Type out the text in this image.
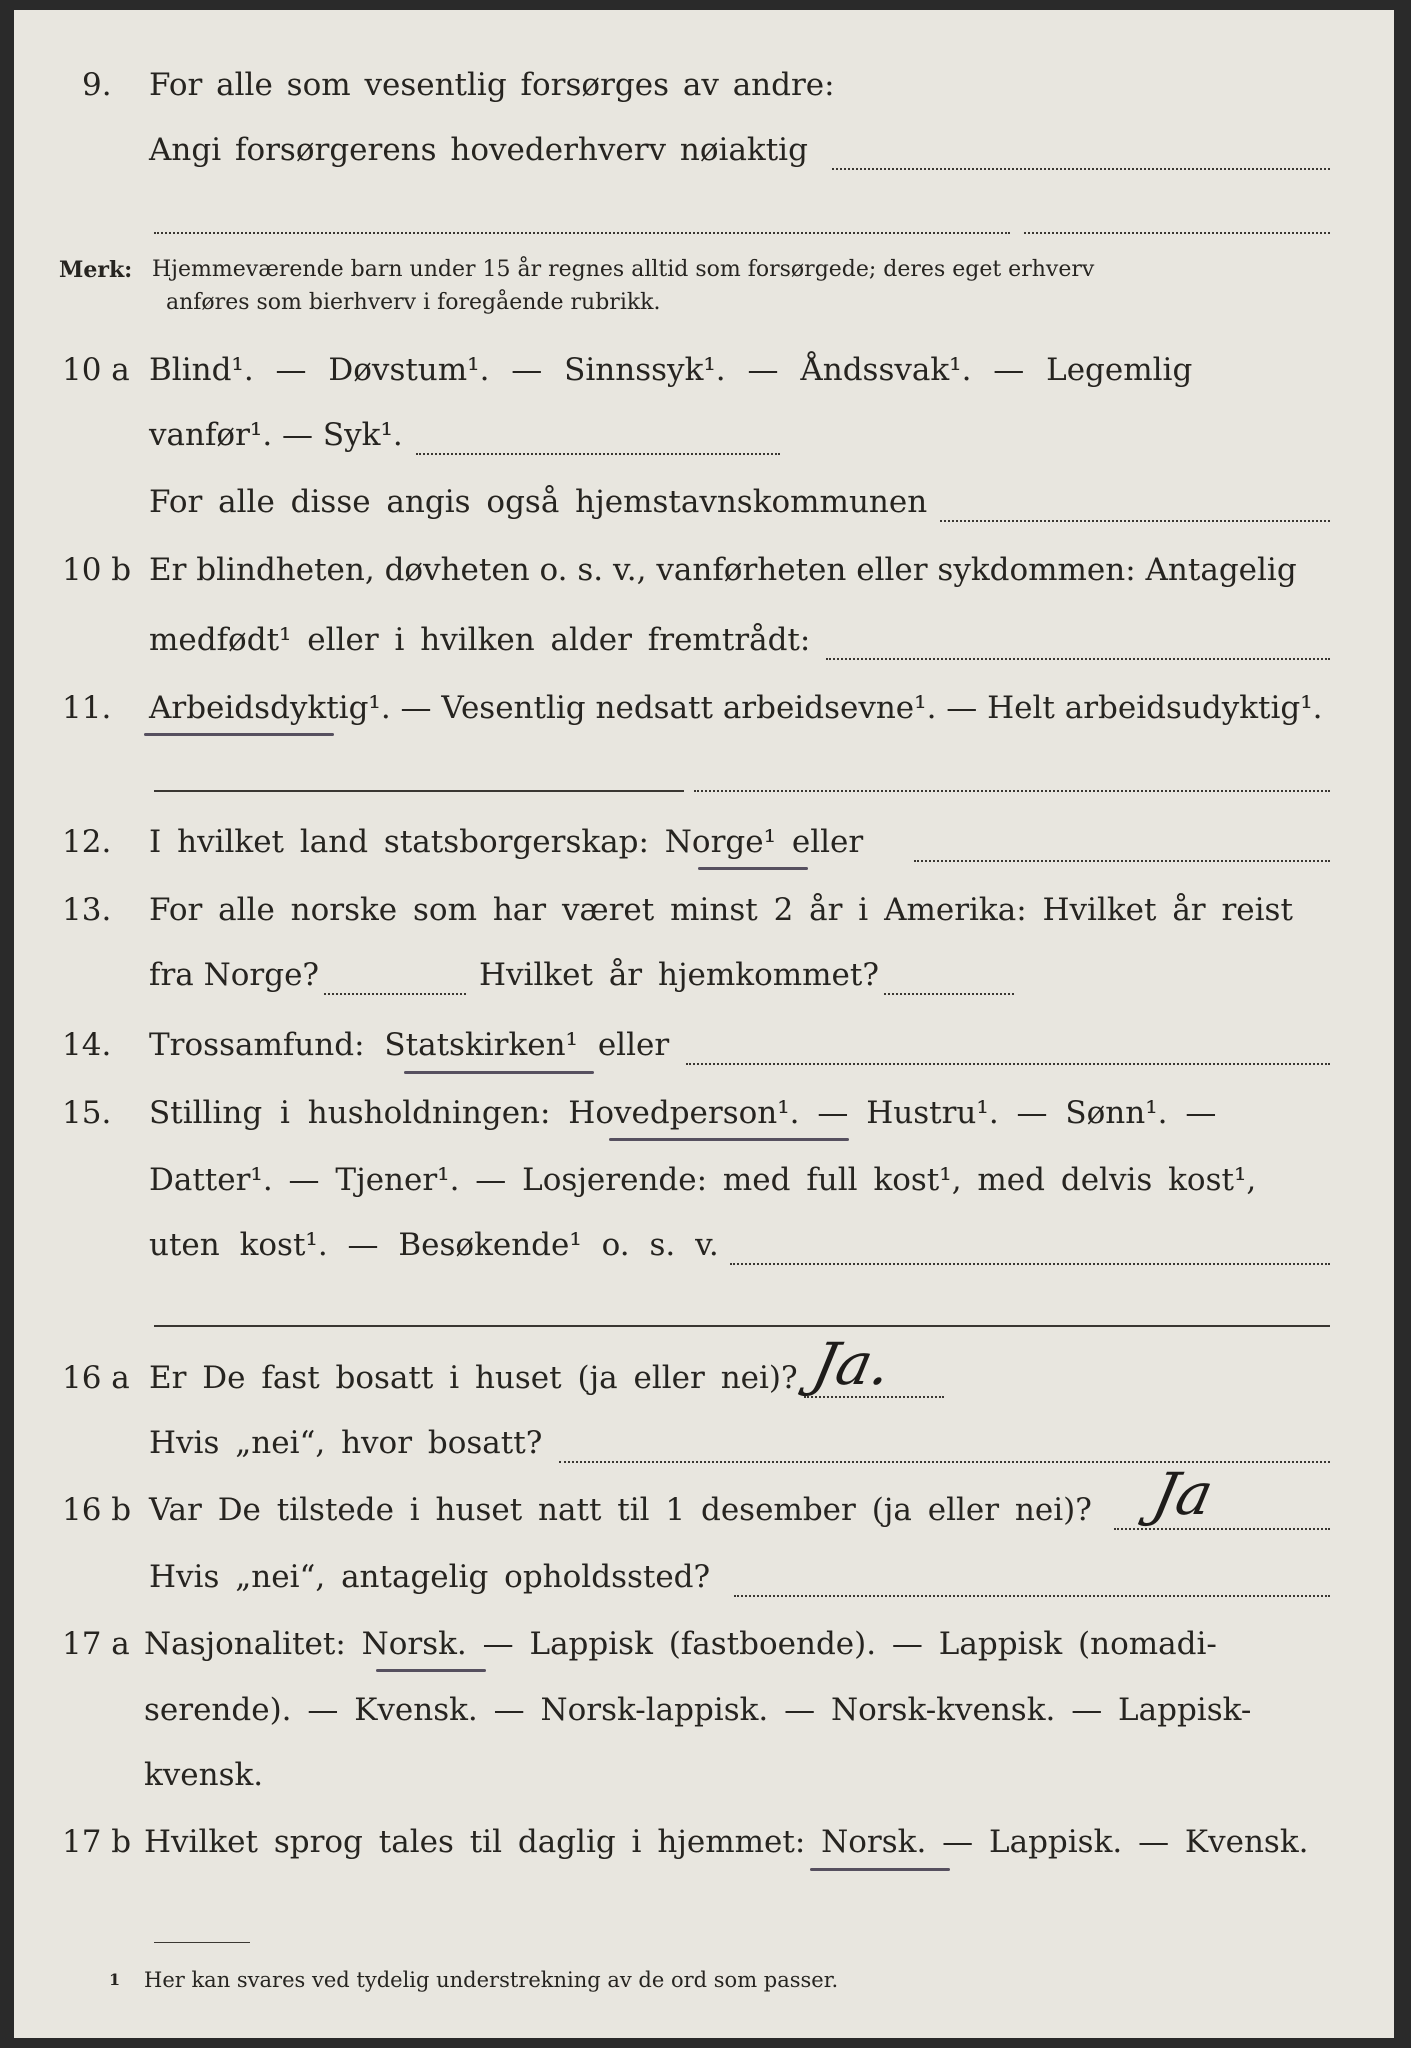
9. For alle som vesentlig forsørges av andre:
Angi forsørgerens hovederhverv nøiaktig
Merk: Hjemmeværende barn under 15 år regnes alltid som forsørgede; deres eget erhverv
anføres som bierhverv i foregående rubrikk.
10 a Blind¹. — Døvstum¹. — Sinnssyk¹. — Åndssvak¹. — Legemlig
vanfør¹. — Syk¹.
For alle disse angis også hjemstavnskommunen
10 b Er blindheten, døvheten o. s. v., vanførheten eller sykdommen: Antagelig
medfødt¹ eller i hvilken alder fremtrådt:
11. Arbeidsdyktig¹. — Vesentlig nedsatt arbeidsevne¹. — Helt arbeidsudyktig¹.
12. I hvilket land statsborgerskap: Norge¹ eller
13. For alle norske som har været minst 2 år i Amerika: Hvilket år reist
fra Norge?	Hvilket år hjemkommet?
14. Trossamfund: Statskirken¹ eller
15. Stilling i husholdningen: Hovedperson¹. — Hustru¹. — Sønn¹. —
Datter¹. — Tjener¹. — Losjerende: med full kost¹, med delvis kost¹,
uten kost¹. — Besøkende¹ o. s. v.
16 a Er De fast bosatt i huset (ja eller nei)? Ja.
Hvis „nei“, hvor bosatt?
16 b Var De tilstede i huset natt til 1 desember (ja eller nei)? Ja
Hvis „nei“, antagelig opholdssted?
17 a Nasjonalitet: Norsk. — Lappisk (fastboende). — Lappisk (nomadi-
serende). — Kvensk. — Norsk-lappisk. — Norsk-kvensk. — Lappisk-
kvensk.
17 b Hvilket sprog tales til daglig i hjemmet: Norsk. — Lappisk. — Kvensk.
1 Her kan svares ved tydelig understrekning av de ord som passer.
